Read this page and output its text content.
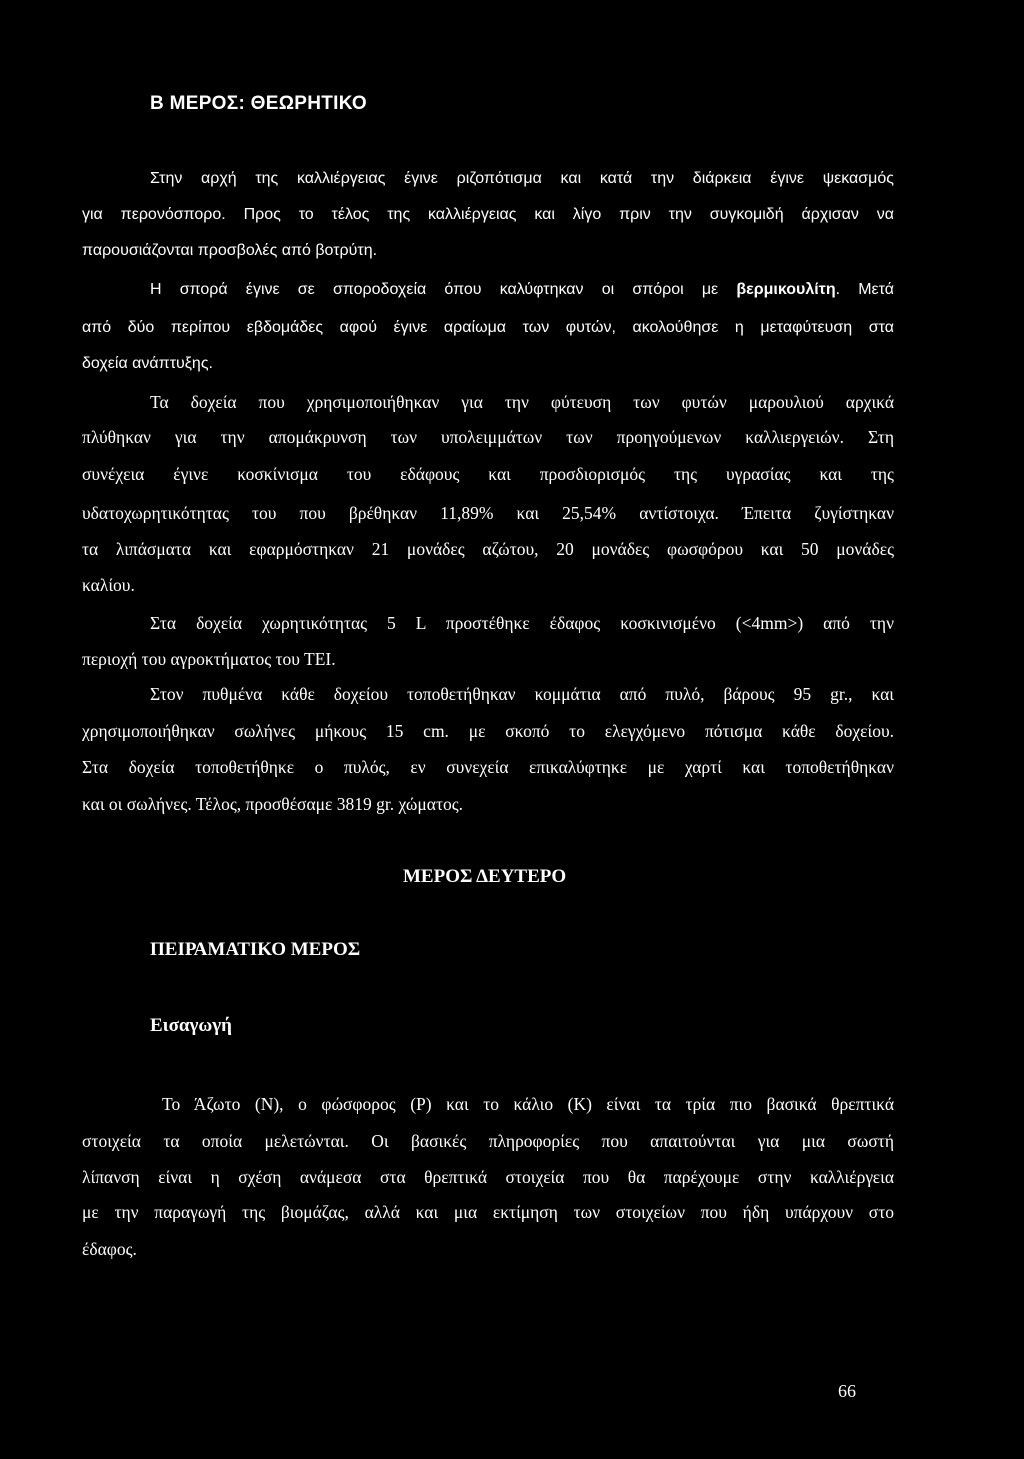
Β ΜΕΡΟΣ: ΘΕΩΡΗΤΙΚΟ
Στην αρχή της καλλιέργειας έγινε ριζοπότισμα και κατά την διάρκεια έγινε ψεκασμός
για περονόσπορο. Προς το τέλος της καλλιέργειας και λίγο πριν την συγκομιδή άρχισαν να
παρουσιάζονται προσβολές από βοτρύτη.
Η σπορά έγινε σε σποροδοχεία όπου καλύφτηκαν οι σπόροι με βερμικουλίτη. Μετά
από δύο περίπου εβδομάδες αφού έγινε αραίωμα των φυτών, ακολούθησε η μεταφύτευση στα
δοχεία ανάπτυξης.
Τα δοχεία που χρησιμοποιήθηκαν για την φύτευση των φυτών μαρουλιού αρχικά
πλύθηκαν για την απομάκρυνση των υπολειμμάτων των προηγούμενων καλλιεργειών. Στη
συνέχεια έγινε κοσκίνισμα του εδάφους και προσδιορισμός της υγρασίας και της
υδατοχωρητικότητας του που βρέθηκαν 11,89% και 25,54% αντίστοιχα. Έπειτα ζυγίστηκαν
τα λιπάσματα και εφαρμόστηκαν 21 μονάδες αζώτου, 20 μονάδες φωσφόρου και 50 μονάδες
καλίου.
Στα δοχεία χωρητικότητας 5 L προστέθηκε έδαφος κοσκινισμένο (<4mm>) από την
περιοχή του αγροκτήματος του ΤΕΙ.
Στον πυθμένα κάθε δοχείου τοποθετήθηκαν κομμάτια από πυλό, βάρους 95 gr., και
χρησιμοποιήθηκαν σωλήνες μήκους 15 cm. με σκοπό το ελεγχόμενο πότισμα κάθε δοχείου.
Στα δοχεία τοποθετήθηκε ο πυλός, εν συνεχεία επικαλύφτηκε με χαρτί και τοποθετήθηκαν
και οι σωλήνες. Τέλος, προσθέσαμε 3819 gr. χώματος.
ΜΕΡΟΣ ΔΕΥΤΕΡΟ
ΠΕΙΡΑΜΑΤΙΚΟ ΜΕΡΟΣ
Εισαγωγή
Το Άζωτο (N), ο φώσφορος (P) και το κάλιο (K) είναι τα τρία πιο βασικά θρεπτικά
στοιχεία τα οποία μελετώνται. Οι βασικές πληροφορίες που απαιτούνται για μια σωστή
λίπανση είναι η σχέση ανάμεσα στα θρεπτικά στοιχεία που θα παρέχουμε στην καλλιέργεια
με την παραγωγή της βιομάζας, αλλά και μια εκτίμηση των στοιχείων που ήδη υπάρχουν στο
έδαφος.
66
